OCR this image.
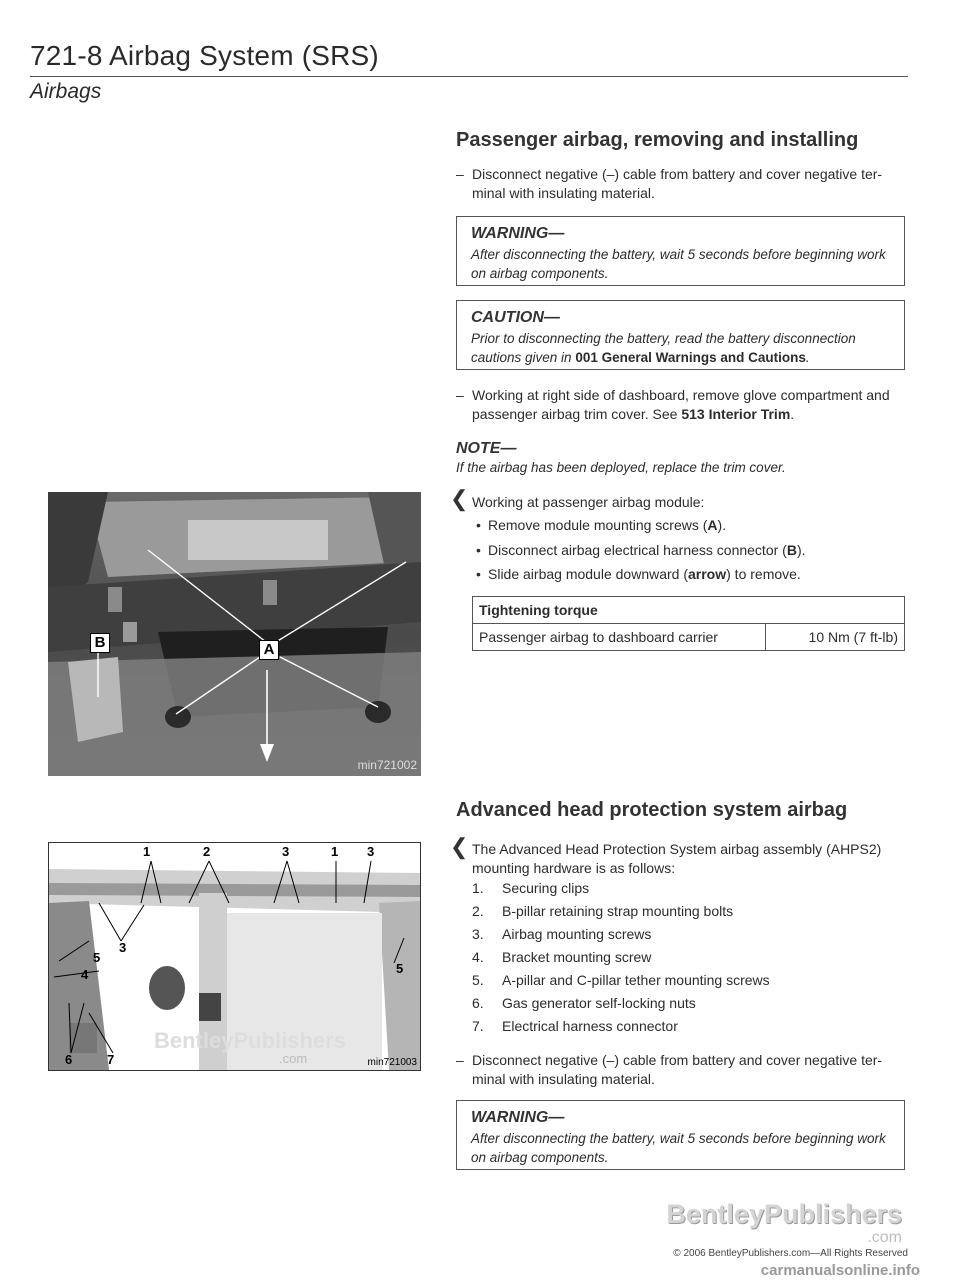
721-8 Airbag System (SRS)
Airbags
Passenger airbag, removing and installing
– Disconnect negative (–) cable from battery and cover negative ter- minal with insulating material.
WARNING—
After disconnecting the battery, wait 5 seconds before beginning work on airbag components.
CAUTION—
Prior to disconnecting the battery, read the battery disconnection cautions given in 001 General Warnings and Cautions.
– Working at right side of dashboard, remove glove compartment and passenger airbag trim cover. See 513 Interior Trim.
NOTE—
If the airbag has been deployed, replace the trim cover.
❮ Working at passenger airbag module:
• Remove module mounting screws (A).
• Disconnect airbag electrical harness connector (B).
• Slide airbag module downward (arrow) to remove.
Tightening torque
Passenger airbag to dashboard carrier	10 Nm (7 ft-lb)
B	A
min721002
Advanced head protection system airbag
❮ The Advanced Head Protection System airbag assembly (AHPS2) mounting hardware is as follows:
1. Securing clips
2. B-pillar retaining strap mounting bolts
3. Airbag mounting screws
4. Bracket mounting screw
5. A-pillar and C-pillar tether mounting screws
6. Gas generator self-locking nuts
7. Electrical harness connector
– Disconnect negative (–) cable from battery and cover negative ter- minal with insulating material.
WARNING—
After disconnecting the battery, wait 5 seconds before beginning work on airbag components.
1	2	3	1 3
3
5
4	5
6	7
BentleyPublishers
.com	min721003
BentleyPublishers
.com
© 2006 BentleyPublishers.com—All Rights Reserved
carmanualsonline.info
